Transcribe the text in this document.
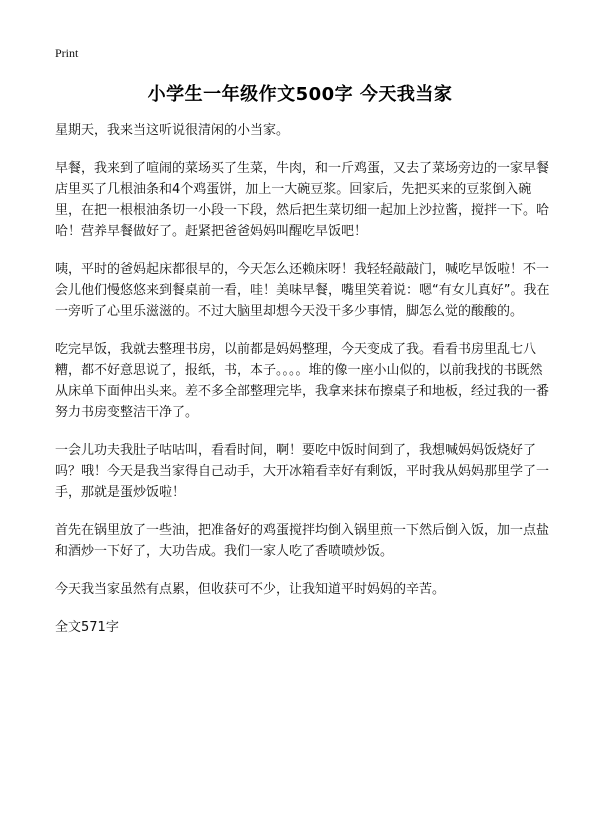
Print
小学生一年级作文500字 今天我当家

星期天，我来当这听说很清闲的小当家。

早餐，我来到了喧闹的菜场买了生菜，牛肉，和一斤鸡蛋，又去了菜场旁边的一家早餐店里买了几根油条和4个鸡蛋饼，加上一大碗豆浆。回家后，先把买来的豆浆倒入碗里，在把一根根油条切一小段一下段，然后把生菜切细一起加上沙拉酱，搅拌一下。哈哈！营养早餐做好了。赶紧把爸爸妈妈叫醒吃早饭吧！

咦，平时的爸妈起床都很早的，今天怎么还赖床呀！我轻轻敲敲门，喊吃早饭啦！不一会儿他们慢悠悠来到餐桌前一看，哇！美味早餐，嘴里笑着说：嗯“有女儿真好”。我在一旁听了心里乐滋滋的。不过大脑里却想今天没干多少事情，脚怎么觉的酸酸的。

吃完早饭，我就去整理书房，以前都是妈妈整理，今天变成了我。看看书房里乱七八糟，都不好意思说了，报纸，书，本子。。。。堆的像一座小山似的，以前我找的书既然从床单下面伸出头来。差不多全部整理完毕，我拿来抹布擦桌子和地板，经过我的一番努力书房变整洁干净了。

一会儿功夫我肚子咕咕叫，看看时间，啊！要吃中饭时间到了，我想喊妈妈饭烧好了吗？哦！今天是我当家得自己动手，大开冰箱看幸好有剩饭，平时我从妈妈那里学了一手，那就是蛋炒饭啦！

首先在锅里放了一些油，把准备好的鸡蛋搅拌均倒入锅里煎一下然后倒入饭，加一点盐和酒炒一下好了，大功告成。我们一家人吃了香喷喷炒饭。

今天我当家虽然有点累，但收获可不少，让我知道平时妈妈的辛苦。

全文571字
